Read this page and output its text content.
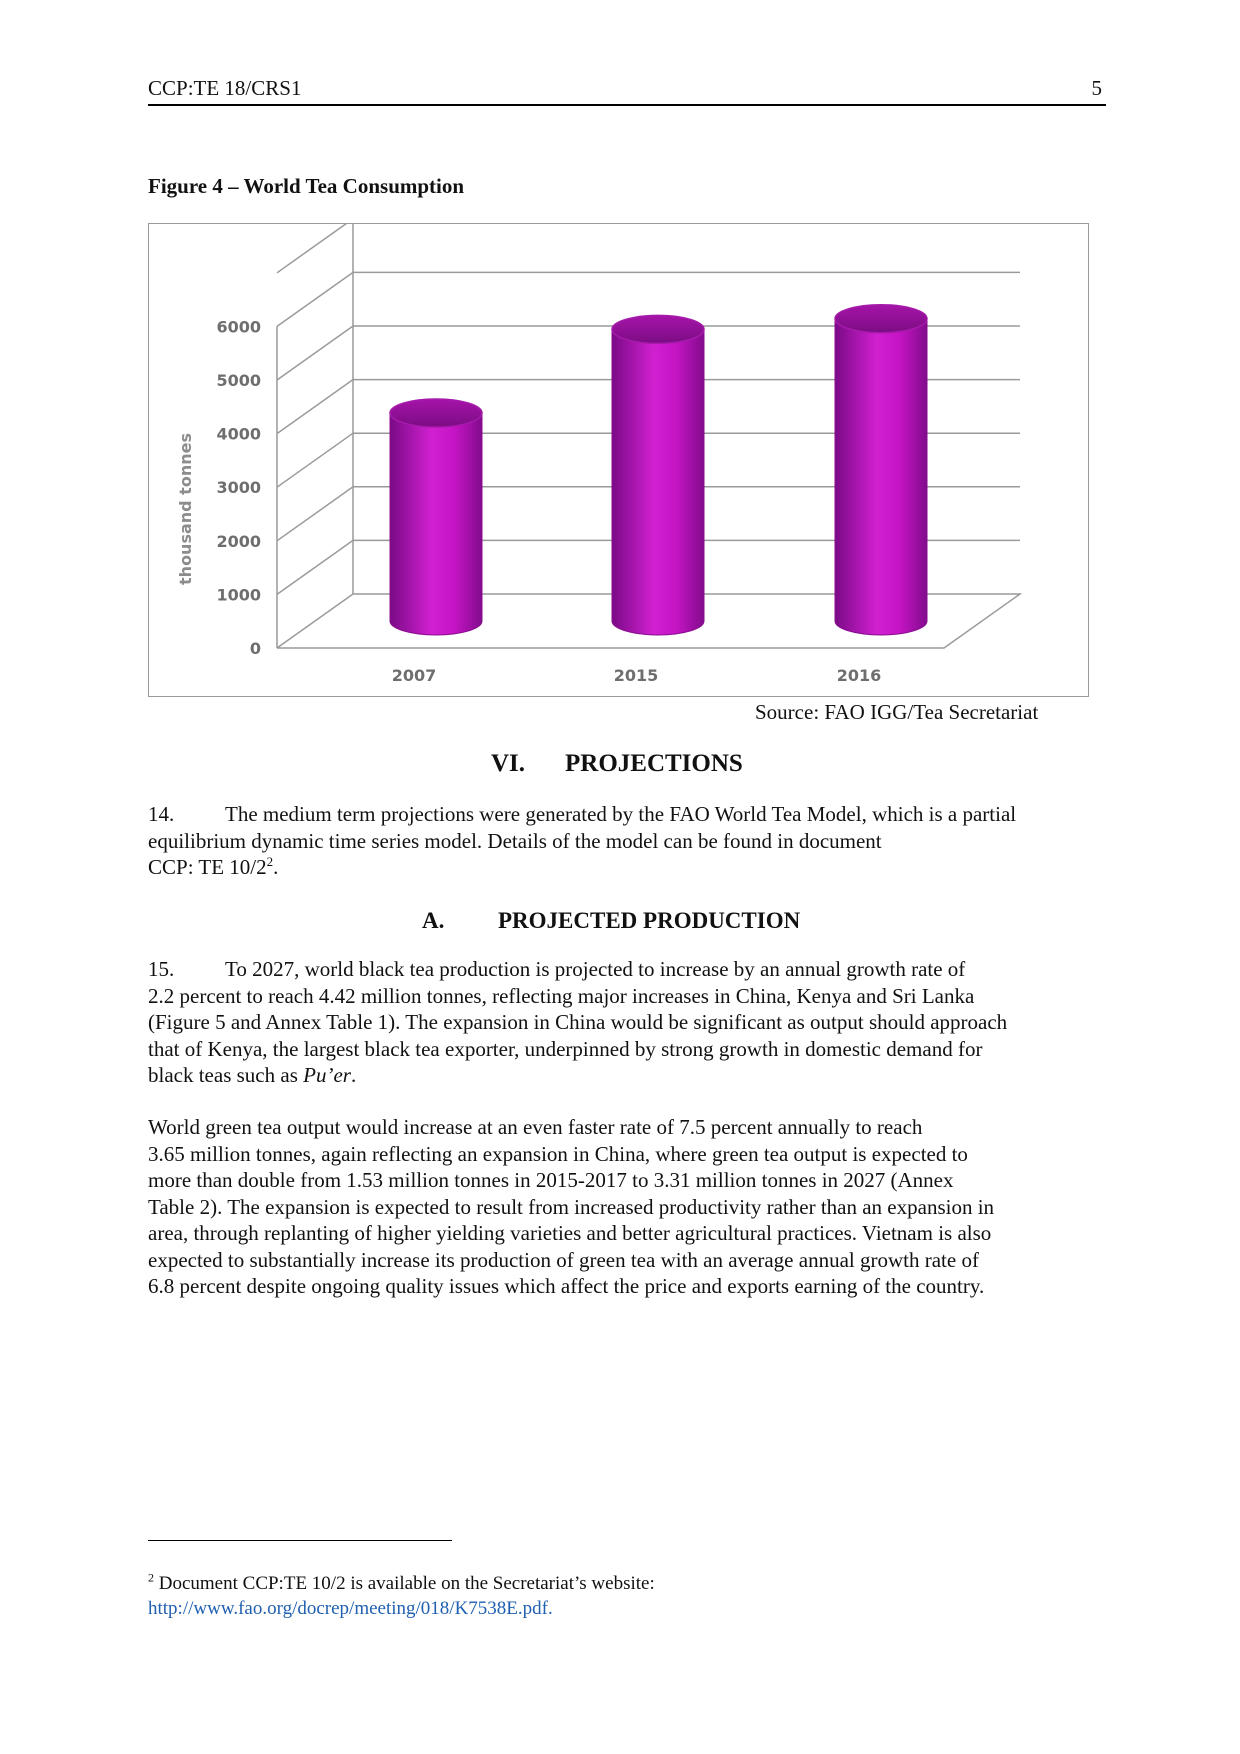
CCP:TE 18/CRS1	5
Figure 4 – World Tea Consumption
0
1000
2000
3000
4000
5000
6000
2007	2015	2016
thousand tonnes
Source: FAO IGG/Tea Secretariat
VI. PROJECTIONS
14. The medium term projections were generated by the FAO World Tea Model, which is a partial
equilibrium dynamic time series model. Details of the model can be found in document
CCP: TE $10/2^2$.
A. PROJECTED PRODUCTION
15. To 2027, world black tea production is projected to increase by an annual growth rate of
2.2 percent to reach 4.42 million tonnes, reflecting major increases in China, Kenya and Sri Lanka
(Figure 5 and Annex Table 1). The expansion in China would be significant as output should approach
that of Kenya, the largest black tea exporter, underpinned by strong growth in domestic demand for
black teas such as Pu’er.
World green tea output would increase at an even faster rate of 7.5 percent annually to reach
3.65 million tonnes, again reflecting an expansion in China, where green tea output is expected to
more than double from 1.53 million tonnes in 2015-2017 to 3.31 million tonnes in 2027 (Annex
Table 2). The expansion is expected to result from increased productivity rather than an expansion in
area, through replanting of higher yielding varieties and better agricultural practices. Vietnam is also
expected to substantially increase its production of green tea with an average annual growth rate of
6.8 percent despite ongoing quality issues which affect the price and exports earning of the country.
$^2$ Document CCP:TE 10/2 is available on the Secretariat’s website:
http://www.fao.org/docrep/meeting/018/K7538E.pdf.
